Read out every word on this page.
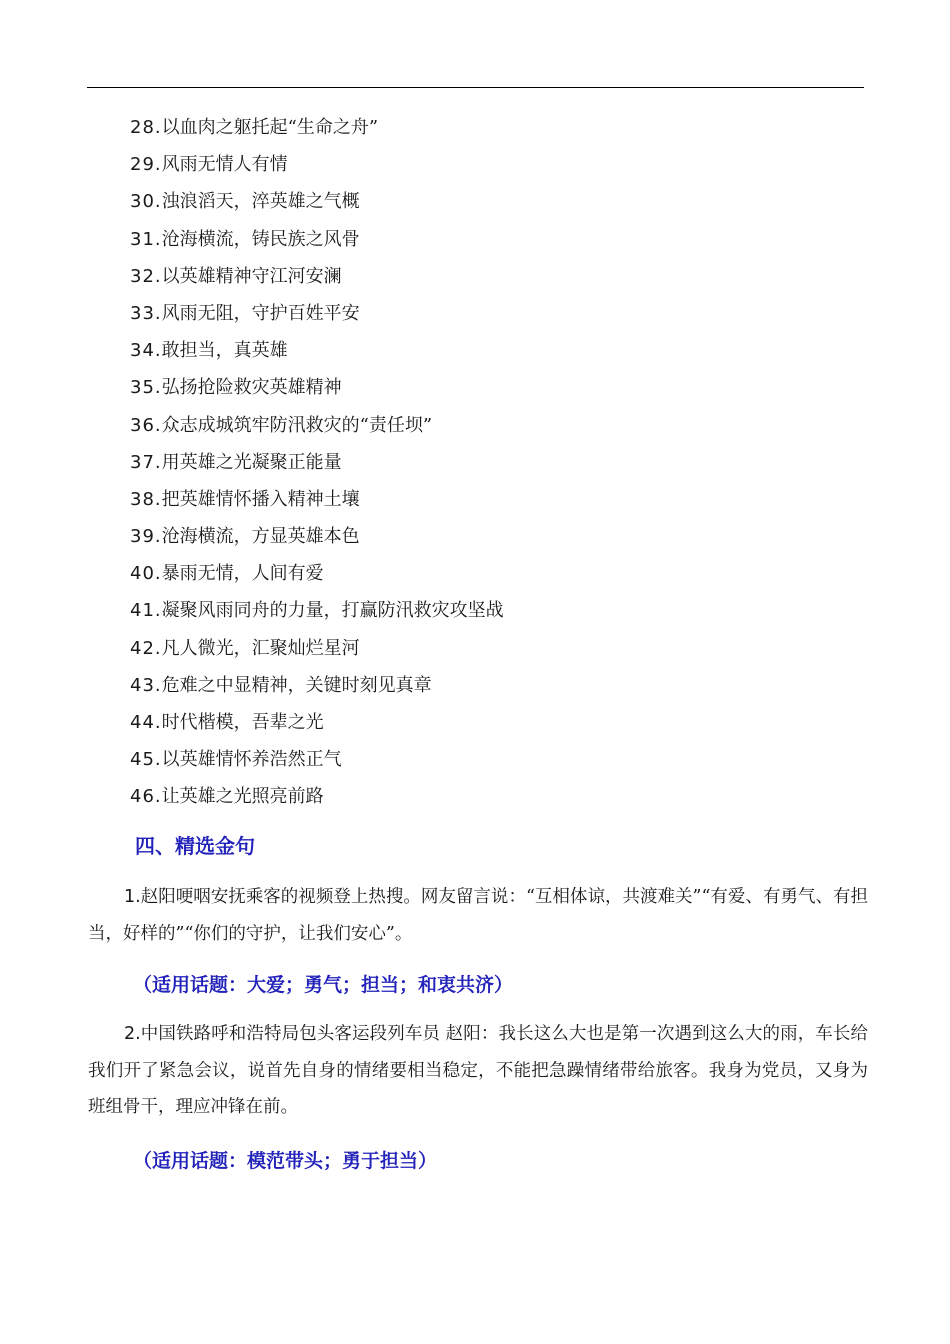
28.以血肉之躯托起“生命之舟”
29.风雨无情人有情
30.浊浪滔天，淬英雄之气概
31.沧海横流，铸民族之风骨
32.以英雄精神守江河安澜
33.风雨无阻，守护百姓平安
34.敢担当，真英雄
35.弘扬抢险救灾英雄精神
36.众志成城筑牢防汛救灾的“责任坝”
37.用英雄之光凝聚正能量
38.把英雄情怀播入精神土壤
39.沧海横流，方显英雄本色
40.暴雨无情，人间有爱
41.凝聚风雨同舟的力量，打赢防汛救灾攻坚战
42.凡人微光，汇聚灿烂星河
43.危难之中显精神，关键时刻见真章
44.时代楷模，吾辈之光
45.以英雄情怀养浩然正气
46.让英雄之光照亮前路
四、精选金句

1.赵阳哽咽安抚乘客的视频登上热搜。网友留言说：“互相体谅，共渡难关”“有爱、有勇气、有担当，好样的”“你们的守护，让我们安心”。

（适用话题：大爱；勇气；担当；和衷共济）

2.中国铁路呼和浩特局包头客运段列车员 赵阳：我长这么大也是第一次遇到这么大的雨，车长给我们开了紧急会议，说首先自身的情绪要相当稳定，不能把急躁情绪带给旅客。我身为党员，又身为班组骨干，理应冲锋在前。

（适用话题：模范带头；勇于担当）
